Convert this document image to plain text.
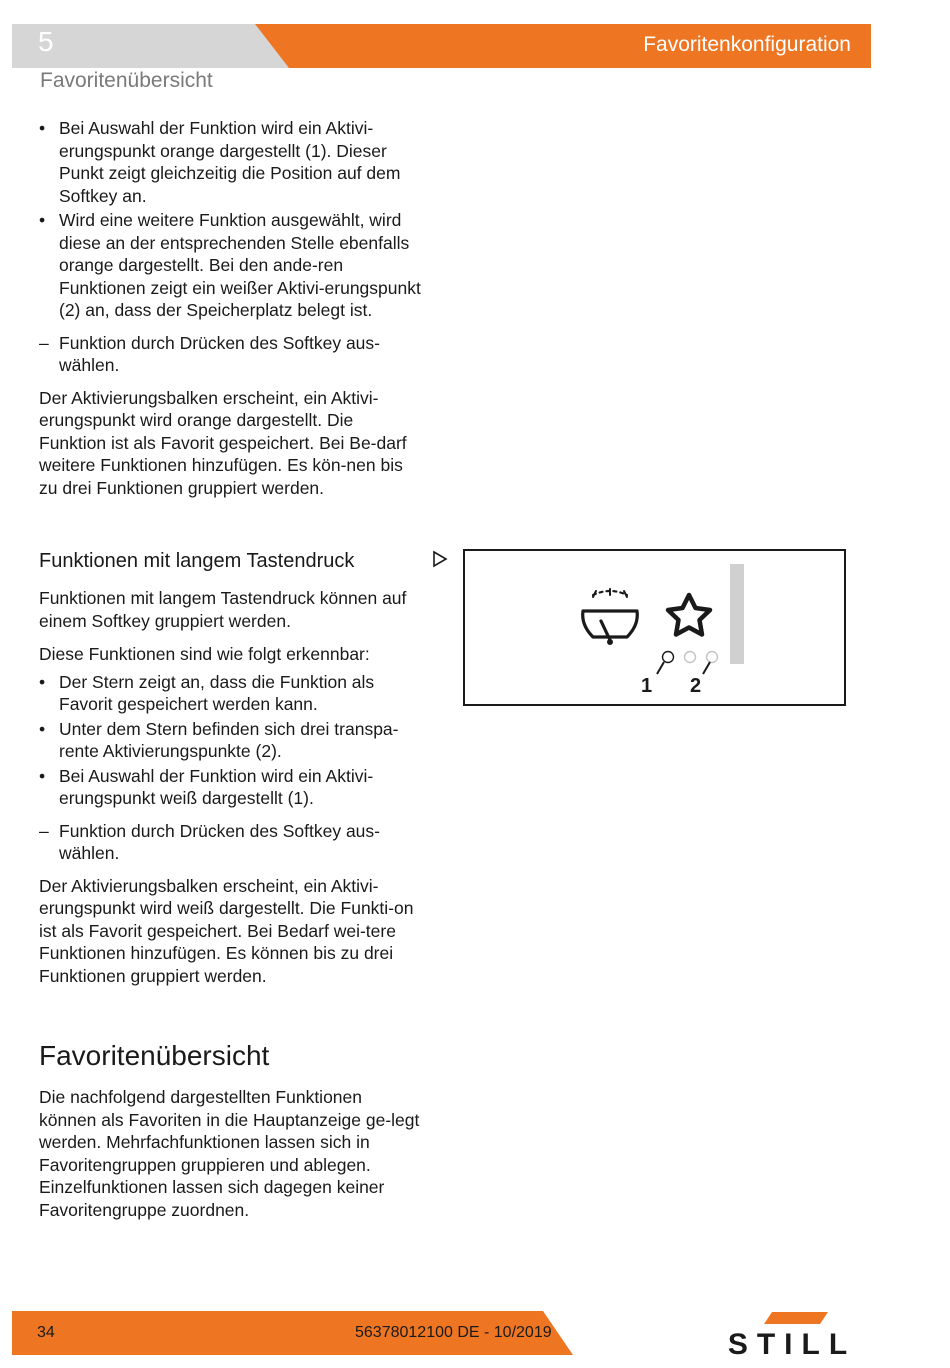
5	Favoritenkonfiguration
Favoritenübersicht
• Bei Auswahl der Funktion wird ein Aktivi-erungspunkt orange dargestellt (1). Dieser Punkt zeigt gleichzeitig die Position auf dem Softkey an.
• Wird eine weitere Funktion ausgewählt, wird diese an der entsprechenden Stelle ebenfalls orange dargestellt. Bei den ande-ren Funktionen zeigt ein weißer Aktivi-erungspunkt (2) an, dass der Speicherplatz belegt ist.
– Funktion durch Drücken des Softkey aus-wählen.

Der Aktivierungsbalken erscheint, ein Aktivi-erungspunkt wird orange dargestellt. Die Funktion ist als Favorit gespeichert. Bei Be-darf weitere Funktionen hinzufügen. Es kön-nen bis zu drei Funktionen gruppiert werden.

Funktionen mit langem Tastendruck

Funktionen mit langem Tastendruck können auf einem Softkey gruppiert werden.

Diese Funktionen sind wie folgt erkennbar:

• Der Stern zeigt an, dass die Funktion als Favorit gespeichert werden kann.
• Unter dem Stern befinden sich drei transpa-rente Aktivierungspunkte (2).
• Bei Auswahl der Funktion wird ein Aktivi-erungspunkt weiß dargestellt (1).
– Funktion durch Drücken des Softkey aus-wählen.

Der Aktivierungsbalken erscheint, ein Aktivi-erungspunkt wird weiß dargestellt. Die Funkti-on ist als Favorit gespeichert. Bei Bedarf wei-tere Funktionen hinzufügen. Es können bis zu drei Funktionen gruppiert werden.

1 2
Favoritenübersicht

Die nachfolgend dargestellten Funktionen können als Favoriten in die Hauptanzeige ge-legt werden. Mehrfachfunktionen lassen sich in Favoritengruppen gruppieren und ablegen. Einzelfunktionen lassen sich dagegen keiner Favoritengruppe zuordnen.

34	56378012100 DE - 10/2019	STILL
